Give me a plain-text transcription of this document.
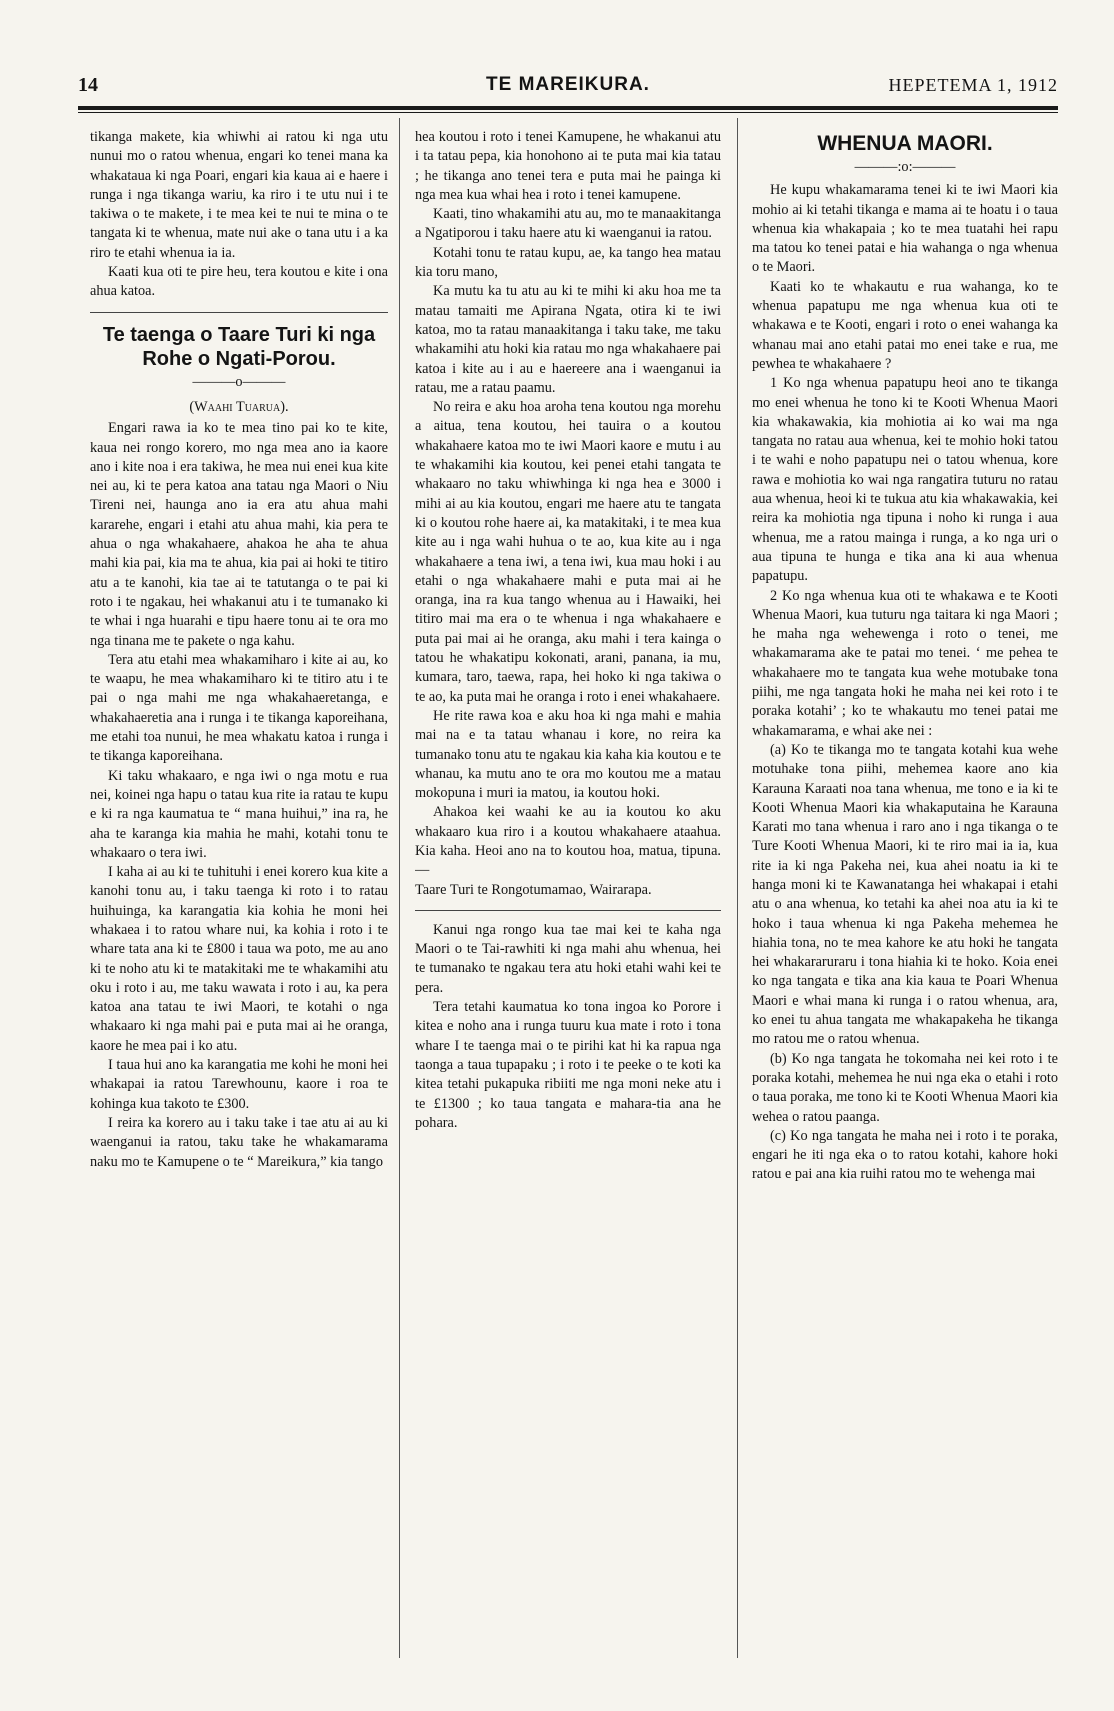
14	TE MAREIKURA.	HEPETEMA 1, 1912

tikanga makete, kia whiwhi ai ratou ki nga utu nunui mo o ratou whenua, engari ko tenei mana ka whakataua ki nga Poari, engari kia kaua ai e haere i runga i nga tikanga wariu, ka riro i te utu nui i te takiwa o te makete, i te mea kei te nui te mina o te tangata ki te whenua, mate nui ake o tana utu i a ka riro te etahi whenua ia ia.

Kaati kua oti te pire heu, tera koutou e kite i ona ahua katoa.

Te taenga o Taare Turi ki nga Rohe o Ngati-Porou.
———o———
(Waahi Tuarua).

Engari rawa ia ko te mea tino pai ko te kite, kaua nei rongo korero, mo nga mea ano ia kaore ano i kite noa i era takiwa, he mea nui enei kua kite nei au, ki te pera katoa ana tatau nga Maori o Niu Tireni nei, haunga ano ia era atu ahua mahi kararehe, engari i etahi atu ahua mahi, kia pera te ahua o nga whakahaere, ahakoa he aha te ahua mahi kia pai, kia ma te ahua, kia pai ai hoki te titiro atu a te kanohi, kia tae ai te tatutanga o te pai ki roto i te ngakau, hei whakanui atu i te tumanako ki te whai i nga huarahi e tipu haere tonu ai te ora mo nga tinana me te pakete o nga kahu.

Tera atu etahi mea whakamiharo i kite ai au, ko te waapu, he mea whakamiharo ki te titiro atu i te pai o nga mahi me nga whakahaeretanga, e whakahaeretia ana i runga i te tikanga kaporeihana, me etahi toa nunui, he mea whakatu katoa i runga i te tikanga kaporeihana.

Ki taku whakaaro, e nga iwi o nga motu e rua nei, koinei nga hapu o tatau kua rite ia ratau te kupu e ki ra nga kaumatua te “ mana huihui,” ina ra, he aha te karanga kia mahia he mahi, kotahi tonu te whakaaro o tera iwi.

I kaha ai au ki te tuhituhi i enei korero kua kite a kanohi tonu au, i taku taenga ki roto i to ratau huihuinga, ka karangatia kia kohia he moni hei whakaea i to ratou whare nui, ka kohia i roto i te whare tata ana ki te £800 i taua wa poto, me au ano ki te noho atu ki te matakitaki me te whakamihi atu oku i roto i au, me taku wawata i roto i au, ka pera katoa ana tatau te iwi Maori, te kotahi o nga whakaaro ki nga mahi pai e puta mai ai he oranga, kaore he mea pai i ko atu.

I taua hui ano ka karangatia me kohi he moni hei whakapai ia ratou Tarewhounu, kaore i roa te kohinga kua takoto te £300.

I reira ka korero au i taku take i tae atu ai au ki waenganui ia ratou, taku take he whakamarama naku mo te Kamupene o te “ Mareikura,” kia tango

hea koutou i roto i tenei Kamupene, he whakanui atu i ta tatau pepa, kia honohono ai te puta mai kia tatau ; he tikanga ano tenei tera e puta mai he painga ki nga mea kua whai hea i roto i tenei kamupene.

Kaati, tino whakamihi atu au, mo te manaakitanga a Ngatiporou i taku haere atu ki waenganui ia ratou.

Kotahi tonu te ratau kupu, ae, ka tango hea matau kia toru mano,

Ka mutu ka tu atu au ki te mihi ki aku hoa me ta matau tamaiti me Apirana Ngata, otira ki te iwi katoa, mo ta ratau manaakitanga i taku take, me taku whakamihi atu hoki kia ratau mo nga whakahaere pai katoa i kite au i au e haereere ana i waenganui ia ratau, me a ratau paamu.

No reira e aku hoa aroha tena koutou nga morehu a aitua, tena koutou, hei tauira o a koutou whakahaere katoa mo te iwi Maori kaore e mutu i au te whakamihi kia koutou, kei penei etahi tangata te whakaaro no taku whiwhinga ki nga hea e 3000 i mihi ai au kia koutou, engari me haere atu te tangata ki o koutou rohe haere ai, ka matakitaki, i te mea kua kite au i nga wahi huhua o te ao, kua kite au i nga whakahaere a tena iwi, a tena iwi, kua mau hoki i au etahi o nga whakahaere mahi e puta mai ai he oranga, ina ra kua tango whenua au i Hawaiki, hei titiro mai ma era o te whenua i nga whakahaere e puta pai mai ai he oranga, aku mahi i tera kainga o tatou he whakatipu kokonati, arani, panana, ia mu, kumara, taro, taewa, rapa, hei hoko ki nga takiwa o te ao, ka puta mai he oranga i roto i enei whakahaere.

He rite rawa koa e aku hoa ki nga mahi e mahia mai na e ta tatau whanau i kore, no reira ka tumanako tonu atu te ngakau kia kaha kia koutou e te whanau, ka mutu ano te ora mo koutou me a matau mokopuna i muri ia matou, ia koutou hoki.

Ahakoa kei waahi ke au ia koutou ko aku whakaaro kua riro i a koutou whakahaere ataahua. Kia kaha. Heoi ano na to koutou hoa, matua, tipuna.—

Taare Turi te Rongotumamao, Wairarapa.

Kanui nga rongo kua tae mai kei te kaha nga Maori o te Tai-rawhiti ki nga mahi ahu whenua, hei te tumanako te ngakau tera atu hoki etahi wahi kei te pera.

Tera tetahi kaumatua ko tona ingoa ko Porore i kitea e noho ana i runga tuuru kua mate i roto i tona whare I te taenga mai o te pirihi kat hi ka rapua nga taonga a taua tupapaku ; i roto i te peeke o te koti ka kitea tetahi pukapuka ribiiti me nga moni neke atu i te £1300 ; ko taua tangata e mahara-tia ana he pohara.

WHENUA MAORI.
———:o:———

He kupu whakamarama tenei ki te iwi Maori kia mohio ai ki tetahi tikanga e mama ai te hoatu i o taua whenua kia whakapaia ; ko te mea tuatahi hei rapu ma tatou ko tenei patai e hia wahanga o nga whenua o te Maori.

Kaati ko te whakautu e rua wahanga, ko te whenua papatupu me nga whenua kua oti te whakawa e te Kooti, engari i roto o enei wahanga ka whanau mai ano etahi patai mo enei take e rua, me pewhea te whakahaere ?

1 Ko nga whenua papatupu heoi ano te tikanga mo enei whenua he tono ki te Kooti Whenua Maori kia whakawakia, kia mohiotia ai ko wai ma nga tangata no ratau aua whenua, kei te mohio hoki tatou i te wahi e noho papatupu nei o tatou whenua, kore rawa e mohiotia ko wai nga rangatira tuturu no ratau aua whenua, heoi ki te tukua atu kia whakawakia, kei reira ka mohiotia nga tipuna i noho ki runga i aua whenua, me a ratou mainga i runga, a ko nga uri o aua tipuna te hunga e tika ana ki aua whenua papatupu.

2 Ko nga whenua kua oti te whakawa e te Kooti Whenua Maori, kua tuturu nga taitara ki nga Maori ; he maha nga wehewenga i roto o tenei, me whakamarama ake te patai mo tenei. ‘ me pehea te whakahaere mo te tangata kua wehe motubake tona piihi, me nga tangata hoki he maha nei kei roto i te poraka kotahi’ ; ko te whakautu mo tenei patai me whakamarama, e whai ake nei :

(a) Ko te tikanga mo te tangata kotahi kua wehe motuhake tona piihi, mehemea kaore ano kia Karauna Karaati noa tana whenua, me tono e ia ki te Kooti Whenua Maori kia whakaputaina he Karauna Karati mo tana whenua i raro ano i nga tikanga o te Ture Kooti Whenua Maori, ki te riro mai ia ia, kua rite ia ki nga Pakeha nei, kua ahei noatu ia ki te hanga moni ki te Kawanatanga hei whakapai i etahi atu o ana whenua, ko tetahi ka ahei noa atu ia ki te hoko i taua whenua ki nga Pakeha mehemea he hiahia tona, no te mea kahore ke atu hoki he tangata hei whakararuraru i tona hiahia ki te hoko. Koia enei ko nga tangata e tika ana kia kaua te Poari Whenua Maori e whai mana ki runga i o ratou whenua, ara, ko enei tu ahua tangata me whakapakeha he tikanga mo ratou me o ratou whenua.

(b) Ko nga tangata he tokomaha nei kei roto i te poraka kotahi, mehemea he nui nga eka o etahi i roto o taua poraka, me tono ki te Kooti Whenua Maori kia wehea o ratou paanga.

(c) Ko nga tangata he maha nei i roto i te poraka, engari he iti nga eka o to ratou kotahi, kahore hoki ratou e pai ana kia ruihi ratou mo te wehenga mai
